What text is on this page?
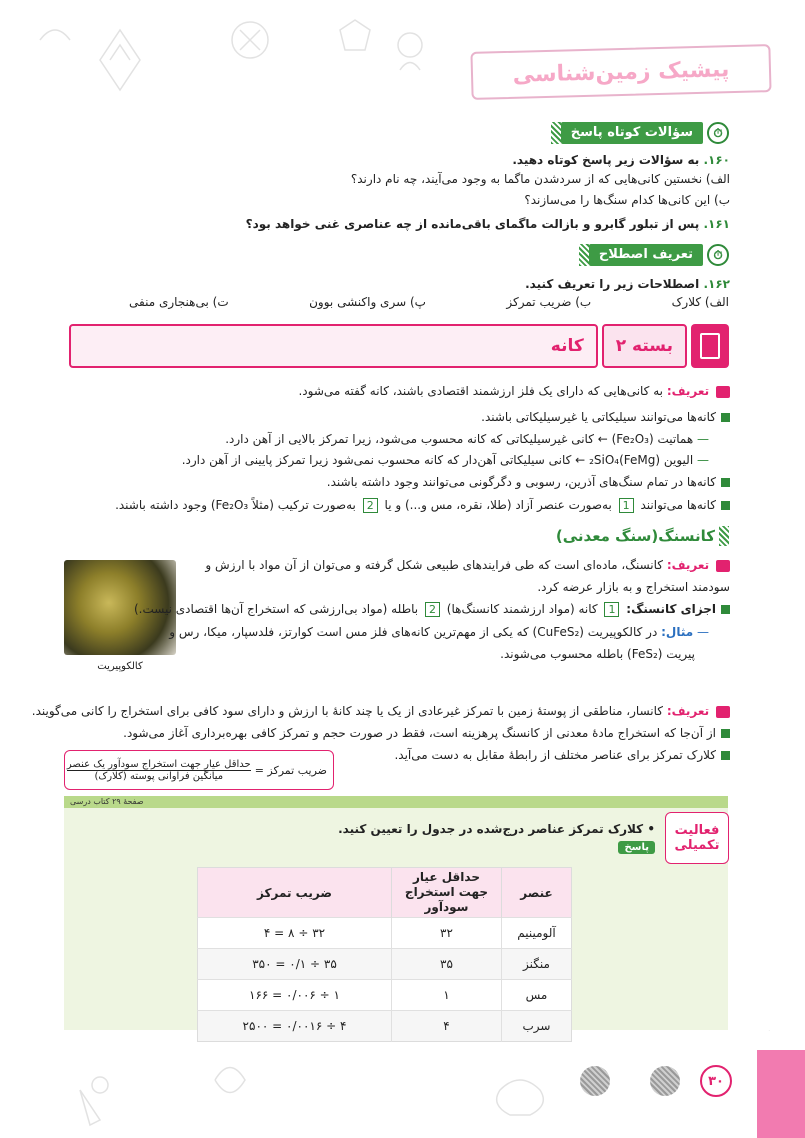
پیشیک زمین‌شناسی
⏱
سؤالات کوتاه پاسخ
۱۶۰. به سؤالات زیر پاسخ کوتاه دهید.
الف) نخستین کانی‌هایی که از سردشدن ماگما به وجود می‌آیند، چه نام دارند؟
ب) این کانی‌ها کدام سنگ‌ها را می‌سازند؟
۱۶۱. پس از تبلور گابرو و بازالت ماگمای باقی‌مانده از چه عناصری غنی خواهد بود؟
⏱
تعریف اصطلاح
۱۶۲. اصطلاحات زیر را تعریف کنید.
الف) کلارک
ب) ضریب تمرکز
پ) سری واکنشی بوون
ت) بی‌هنجاری منفی
بسته ۲
کانه
تعریف: به کانی‌هایی که دارای یک فلز ارزشمند اقتصادی باشند، کانه گفته می‌شود.
کانه‌ها می‌توانند سیلیکاتی یا غیرسیلیکاتی باشند.
— هماتیت (Fe₂O₃) ← کانی غیرسیلیکاتی که کانه محسوب می‌شود، زیرا تمرکز بالایی از آهن دارد.
— الیوین (FeMg)₂SiO₄ ← کانی سیلیکاتی آهن‌دار که کانه محسوب نمی‌شود زیرا تمرکز پایینی از آهن دارد.
کانه‌ها در تمام سنگ‌های آذرین، رسوبی و دگرگونی می‌توانند وجود داشته باشند.
کانه‌ها می‌توانند 1 به‌صورت عنصر آزاد (طلا، نقره، مس و...) و یا 2 به‌صورت ترکیب (مثلاً Fe₂O₃) وجود داشته باشند.
کانسنگ(سنگ معدنی)
کالکوپیریت
تعریف: کانسنگ، ماده‌ای است که طی فرایندهای طبیعی شکل گرفته و می‌توان از آن مواد با ارزش و
سودمند استخراج و به بازار عرضه کرد.
اجزای کانسنگ: 1 کانه (مواد ارزشمند کانسنگ‌ها) 2 باطله (مواد بی‌ارزشی که استخراج آن‌ها اقتصادی نیست.)
— مثال: در کالکوپیریت (CuFeS₂) که یکی از مهم‌ترین کانه‌های فلز مس است کوارتز، فلدسپار، میکا، رس و
پیریت (FeS₂) باطله محسوب می‌شوند.
تعریف: کانسار، مناطقی از پوستهٔ زمین با تمرکز غیرعادی از یک یا چند کانهٔ با ارزش و دارای سود کافی برای استخراج را کانی می‌گویند.
از آن‌جا که استخراج مادهٔ معدنی از کانسنگ پرهزینه است، فقط در صورت حجم و تمرکز کافی بهره‌برداری آغاز می‌شود.
کلارک تمرکز برای عناصر مختلف از رابطهٔ مقابل به دست می‌آید.
ضریب تمرکز =
حداقل عیار جهت استخراج سودآور یک عنصر
میانگین فراوانی پوسته (کلارک)
صفحهٔ ۲۹ کتاب درسی
فعالیت
تکمیلی
• کلارک تمرکز عناصر درج‌شده در جدول را تعیین کنید.
پاسخ
عنصر	حداقل عیار جهت استخراج سودآور	ضریب تمرکز
آلومینیم	۳۲	۳۲ ÷ ۸ = ۴
منگنز	۳۵	۳۵ ÷ ۰/۱ = ۳۵۰
مس	۱	۱ ÷ ۰/۰۰۶ = ۱۶۶
سرب	۴	۴ ÷ ۰/۰۰۱۶ = ۲۵۰۰
۳۰
